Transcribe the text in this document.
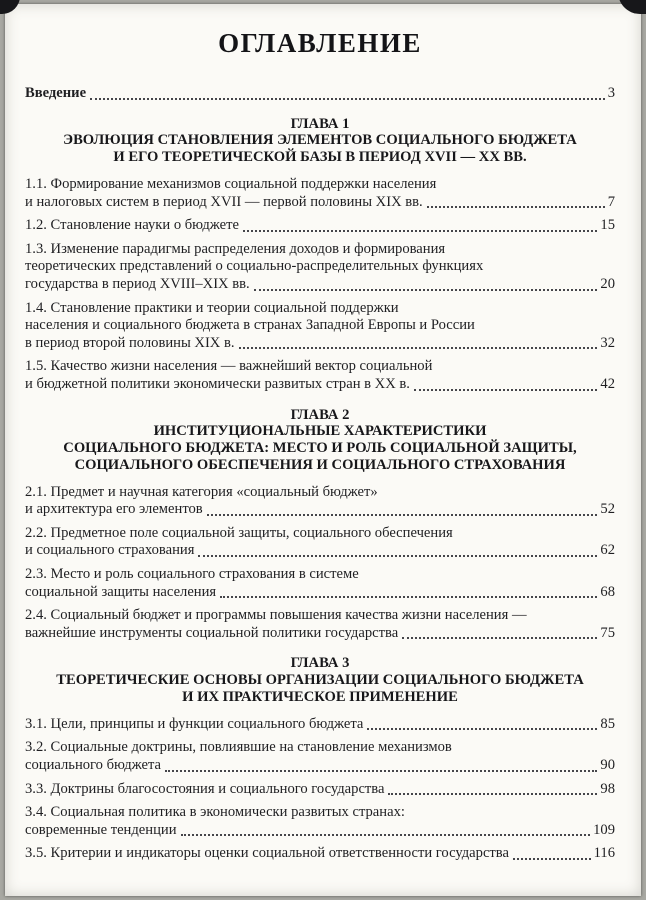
ОГЛАВЛЕНИЕ
Введение	3
ГЛАВА 1
ЭВОЛЮЦИЯ СТАНОВЛЕНИЯ ЭЛЕМЕНТОВ СОЦИАЛЬНОГО БЮДЖЕТА
И ЕГО ТЕОРЕТИЧЕСКОЙ БАЗЫ В ПЕРИОД XVII — XX ВВ.
1.1. Формирование механизмов социальной поддержки населения
и налоговых систем в период XVII — первой половины XIX вв.	7
1.2. Становление науки о бюджете	15
1.3. Изменение парадигмы распределения доходов и формирования
теоретических представлений о социально-распределительных функциях
государства в период XVIII–XIX вв.	20
1.4. Становление практики и теории социальной поддержки
населения и социального бюджета в странах Западной Европы и России
в период второй половины XIX в.	32
1.5. Качество жизни населения — важнейший вектор социальной
и бюджетной политики экономически развитых стран в XX в.	42
ГЛАВА 2
ИНСТИТУЦИОНАЛЬНЫЕ ХАРАКТЕРИСТИКИ
СОЦИАЛЬНОГО БЮДЖЕТА: МЕСТО И РОЛЬ СОЦИАЛЬНОЙ ЗАЩИТЫ,
СОЦИАЛЬНОГО ОБЕСПЕЧЕНИЯ И СОЦИАЛЬНОГО СТРАХОВАНИЯ
2.1. Предмет и научная категория «социальный бюджет»
и архитектура его элементов	52
2.2. Предметное поле социальной защиты, социального обеспечения
и социального страхования	62
2.3. Место и роль социального страхования в системе
социальной защиты населения	68
2.4. Социальный бюджет и программы повышения качества жизни населения —
важнейшие инструменты социальной политики государства	75
ГЛАВА 3
ТЕОРЕТИЧЕСКИЕ ОСНОВЫ ОРГАНИЗАЦИИ СОЦИАЛЬНОГО БЮДЖЕТА
И ИХ ПРАКТИЧЕСКОЕ ПРИМЕНЕНИЕ
3.1. Цели, принципы и функции социального бюджета	85
3.2. Социальные доктрины, повлиявшие на становление механизмов
социального бюджета	90
3.3. Доктрины благосостояния и социального государства	98
3.4. Социальная политика в экономически развитых странах:
современные тенденции	109
3.5. Критерии и индикаторы оценки социальной ответственности государства	116
